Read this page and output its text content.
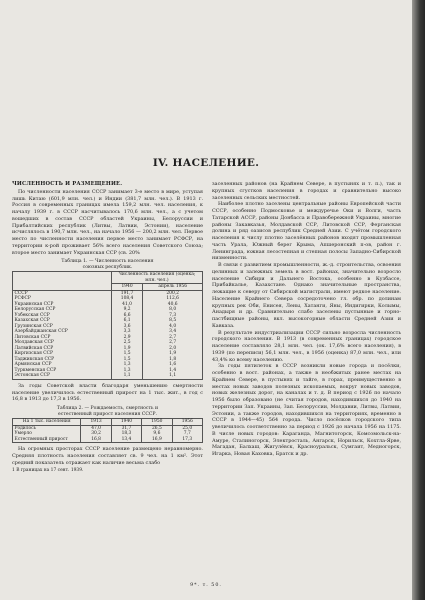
IV. НАСЕЛЕНИЕ.
ЧИСЛЕННОСТЬ И РАЗМЕЩЕНИЕ.

По численности населения СССР занимает 3-е место в мире, уступая лишь Китаю (601,9 млн. чел.) и Индии (381,7 млн. чел.). В 1913 г. Россия в современных границах имела 159,2 млн. чел. населения, к началу 1939 г. в СССР насчитывалось 170,6 млн. чел., а с учетом вошедших в состав СССР областей Украины, Белоруссии и Прибалтийских республик (Литвы, Латвии, Эстонии), население исчислялось в 190,7 млн. чел., на начало 1956 — 200,2 млн. чел. Первое место по численности населения первое место занимает РСФСР, на территории к-рой проживает 56% всего населения Советского Союза; второе место занимает Украинская ССР (св. 20%

Таблица 1. — Численность населения
союзных республик.
	Численность населения (оценка; млн. чел.)	
	1940	апрель 1956
СССР	191,7	200,2
РСФСР	108,4	112,6
Украинская ССР	41,0	40,6
Белорусская ССР	9,2	8,0
Узбекская ССР	6,6	7,3
Казахская ССР	6,1	8,5
Грузинская ССР	3,6	4,0
Азербайджанская ССР	3,3	3,4
Литовская ССР	2,9	2,7
Молдавская ССР	2,5	2,7
Латвийская ССР	1,9	2,0
Киргизская ССР	1,5	1,9
Таджикская ССР	1,5	1,8
Армянская ССР	1,3	1,6
Туркменская ССР	1,3	1,4
Эстонская ССР	1,1	1,1

За годы Советской власти благодаря уменьшению смертности население увеличилось естественный прирост на 1 тыс. жит., в год с 16,8 в 1913 до 17,3 в 1956.

Таблица 2. — Рождаемость, смертность и
естественный прирост населения СССР.
На 1 тыс. населения	1913	1940	1950	1956
Родилось	47,0	31,7	26,5	25,0
Умерло	30,2	18,3	9,6	7,7
Естественный прирост	16,8	13,4	16,9	17,3

На огромных просторах СССР население размещено неравномерно. Средняя плотность населения составляет св. 9 чел. на 1 км². Этот средний показатель отражает как наличие весьма слабо

1 В границах на 17 сент. 1939.

заселенных районов (на Крайнем Севере, в пустынях и т. п.), так и крупных сгустков населения в городах и сравнительно высоко заселенных сельских местностей.

Наиболее плотно заселены центральные районы Европейской части СССР, особенно Подмосковье и междуречье Оки и Волги, часть Татарской АССР, районы Донбасса и Правобережной Украины, многие районы Закавказья, Молдавской ССР, Литовской ССР, Ферганская долина и ряд оазисов республик Средней Азии. С учётом городского населения к числу плотно заселённых районов входят промышленная часть Урала, Южный берег Крыма, Апшеронский п-ов, район г. Ленинграда, южная лесостепная и степная полосы Западно-Сибирской низменности.

В связи с развитием промышленности, ж.-д. строительства, освоения целинных и залежных земель в вост. районах, значительно возросло население Сибири и Дальнего Востока, особенно в Кузбассе, Прибайкалье, Казахстане. Однако значительные пространства, лежащие к северу от Сибирской магистрали, имеют редкое население. Население Крайнего Севера сосредоточено гл. обр. по долинам крупных рек Оби, Енисея, Лены, Хатанги, Яны, Индигирки, Колымы, Анадыря и др. Сравнительно слабо заселены пустынные и горно-пастбищные районы, вкл. высокогорные области Средней Азии и Кавказа.

В результате индустриализации СССР сильно возросла численность городского населения. В 1913 (в современных границах) городское население составляло 28,1 млн. чел. (ок. 17,6% всего населения), в 1939 (по переписи) 56,1 млн. чел., в 1956 (оценка) 87,0 млн. чел., или 43,4% ко всему населению.

За годы пятилеток в СССР возникли новые города и посёлки, особенно в вост. районах, а также в необжитых ранее местах на Крайнем Севере, в пустынях и тайге, в горах, преимущественно в местах новых заводов полезных ископаемых, вокруг новых заводов, новых железных дорог, на каналах и т. д. В период с 1926 по начало 1956 было образовано (не считая городов, находившихся до 1940 на территории Зап. Украины, Зап. Белоруссии, Молдавии, Литвы, Латвии, Эстонии, а также городов, находившихся на территориях, временно в СССР в 1944—45) 564 города. Число посёлков городского типа увеличилось соответственно за период с 1926 до начала 1956 на 1175. В числе новых городов: Караганда, Магнитогорск, Комсомольск-на-Амуре, Сталиногорск, Электросталь, Ангарск, Норильск, Кохтла-Ярве, Магадан, Балхаш, Жигулёвск, Красноуральск, Сумгаит, Медногорск, Игарка, Новая Каховка, Братск и др.

9*. т. 50.
